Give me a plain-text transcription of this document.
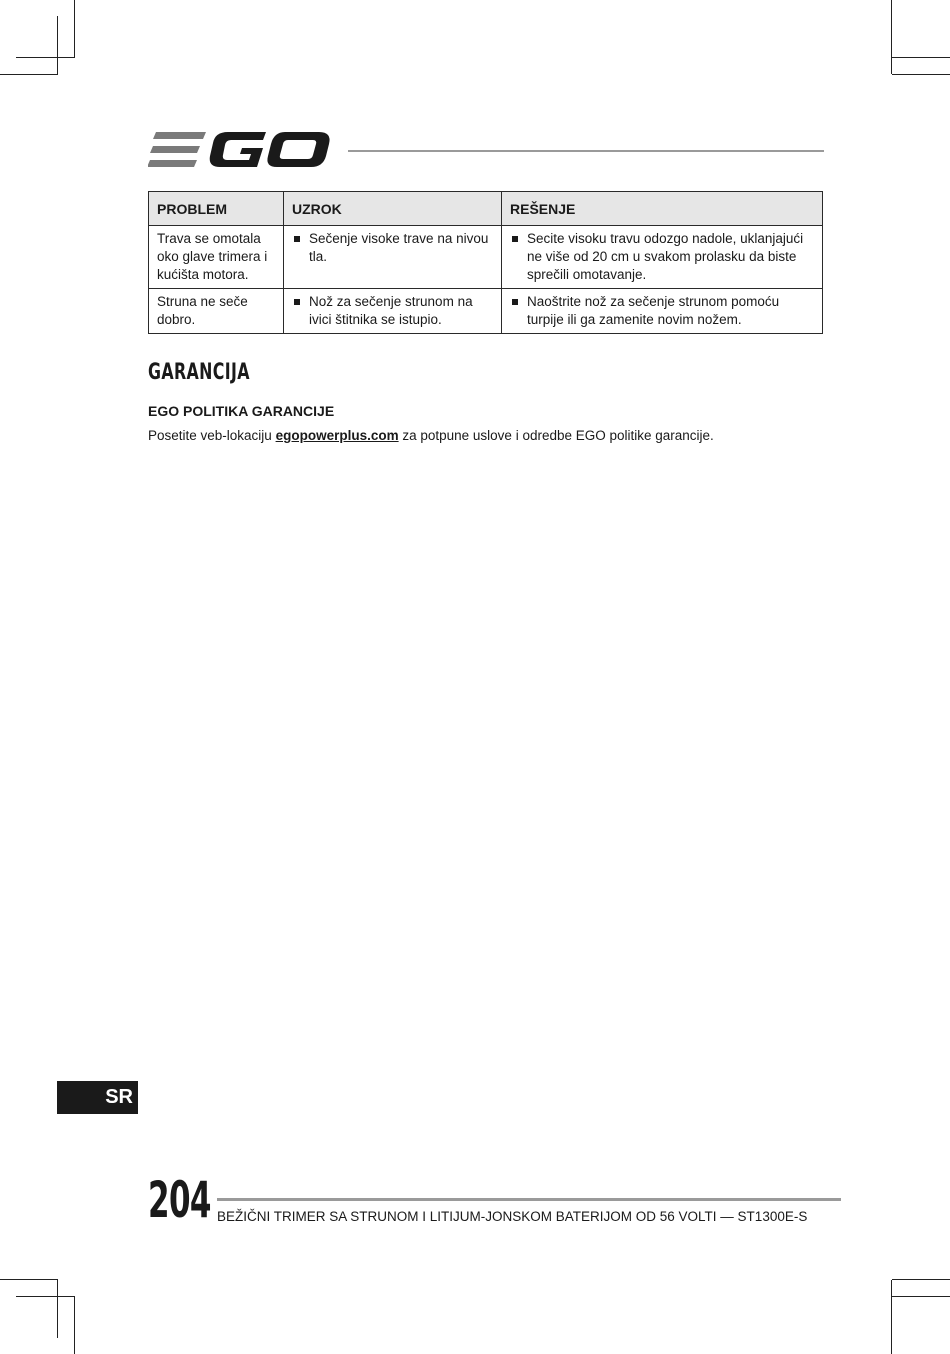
PROBLEM	UZROK	REŠENJE
Trava se omotala oko glave trimera i kućišta motora.	Sečenje visoke trave na nivou tla.	Secite visoku travu odozgo nadole, uklanjajući ne više od 20 cm u svakom prolasku da biste sprečili omotavanje.

Struna ne seče dobro.	Nož za sečenje strunom na ivici štitnika se istupio.	Naoštrite nož za sečenje strunom pomoću turpije ili ga zamenite novim nožem.
GARANCIJA
EGO POLITIKA GARANCIJE
Posetite veb-lokaciju egopowerplus.com za potpune uslove i odredbe EGO politike garancije.
SR
204 BEŽIČNI TRIMER SA STRUNOM I LITIJUM-JONSKOM BATERIJOM OD 56 VOLTI — ST1300E-S
